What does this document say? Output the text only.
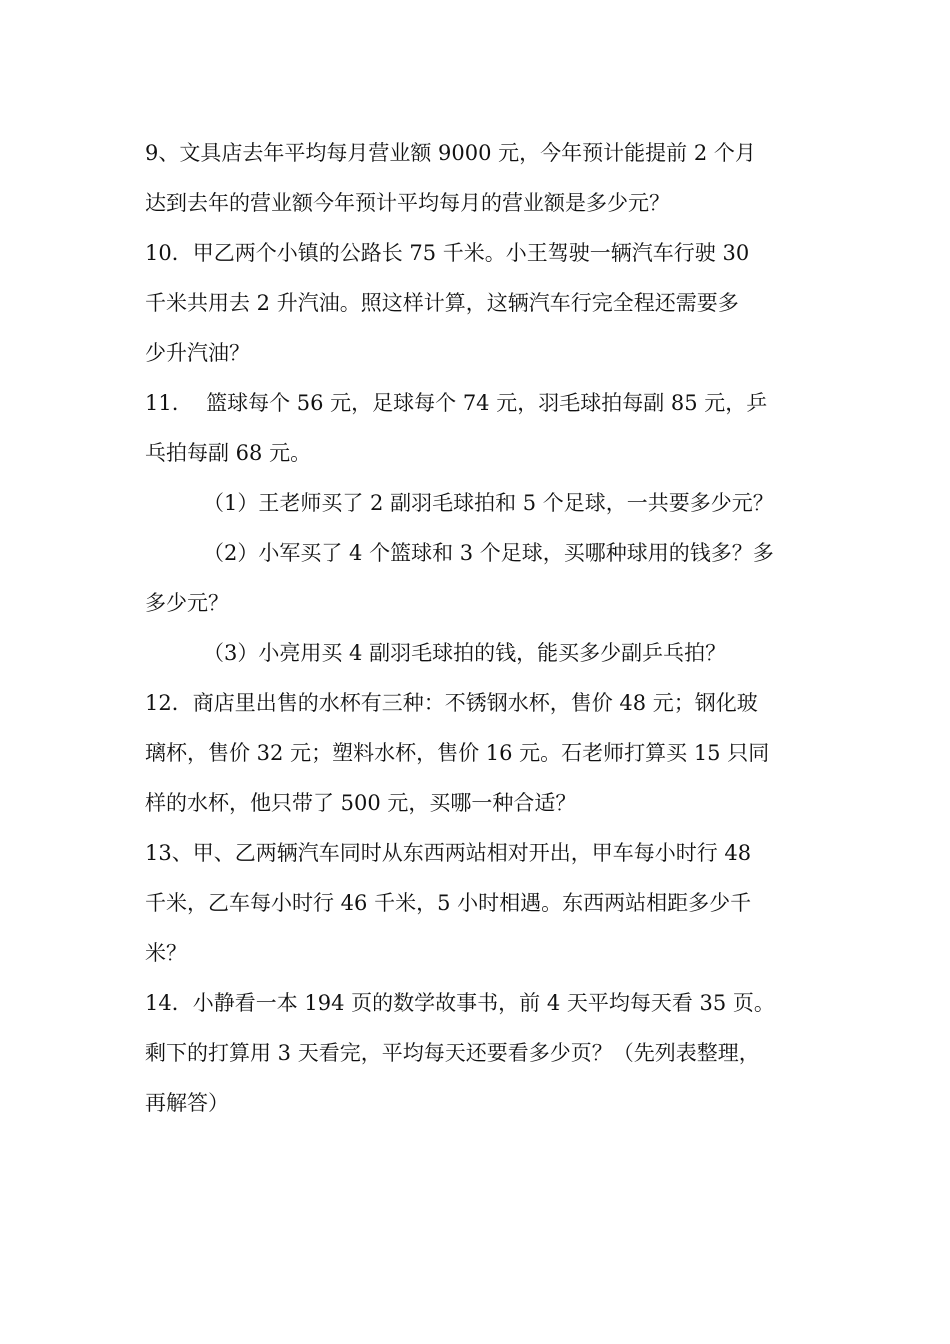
9、文具店去年平均每月营业额 9000 元，今年预计能提前 2 个月
达到去年的营业额今年预计平均每月的营业额是多少元？
10．甲乙两个小镇的公路长 75 千米。小王驾驶一辆汽车行驶 30
千米共用去 2 升汽油。照这样计算，这辆汽车行完全程还需要多
少升汽油？
11.　 篮球每个 56 元，足球每个 74 元，羽毛球拍每副 85 元，乒
乓拍每副 68 元。
（1）王老师买了 2 副羽毛球拍和 5 个足球，一共要多少元？
（2）小军买了 4 个篮球和 3 个足球，买哪种球用的钱多？多
多少元？
（3）小亮用买 4 副羽毛球拍的钱，能买多少副乒乓拍？
12．商店里出售的水杯有三种：不锈钢水杯，售价 48 元；钢化玻
璃杯，售价 32 元；塑料水杯，售价 16 元。石老师打算买 15 只同
样的水杯，他只带了 500 元，买哪一种合适？
13、甲、乙两辆汽车同时从东西两站相对开出，甲车每小时行 48
千米，乙车每小时行 46 千米，5 小时相遇。东西两站相距多少千
米？
14．小静看一本 194 页的数学故事书，前 4 天平均每天看 35 页。
剩下的打算用 3 天看完，平均每天还要看多少页？（先列表整理，
再解答）
